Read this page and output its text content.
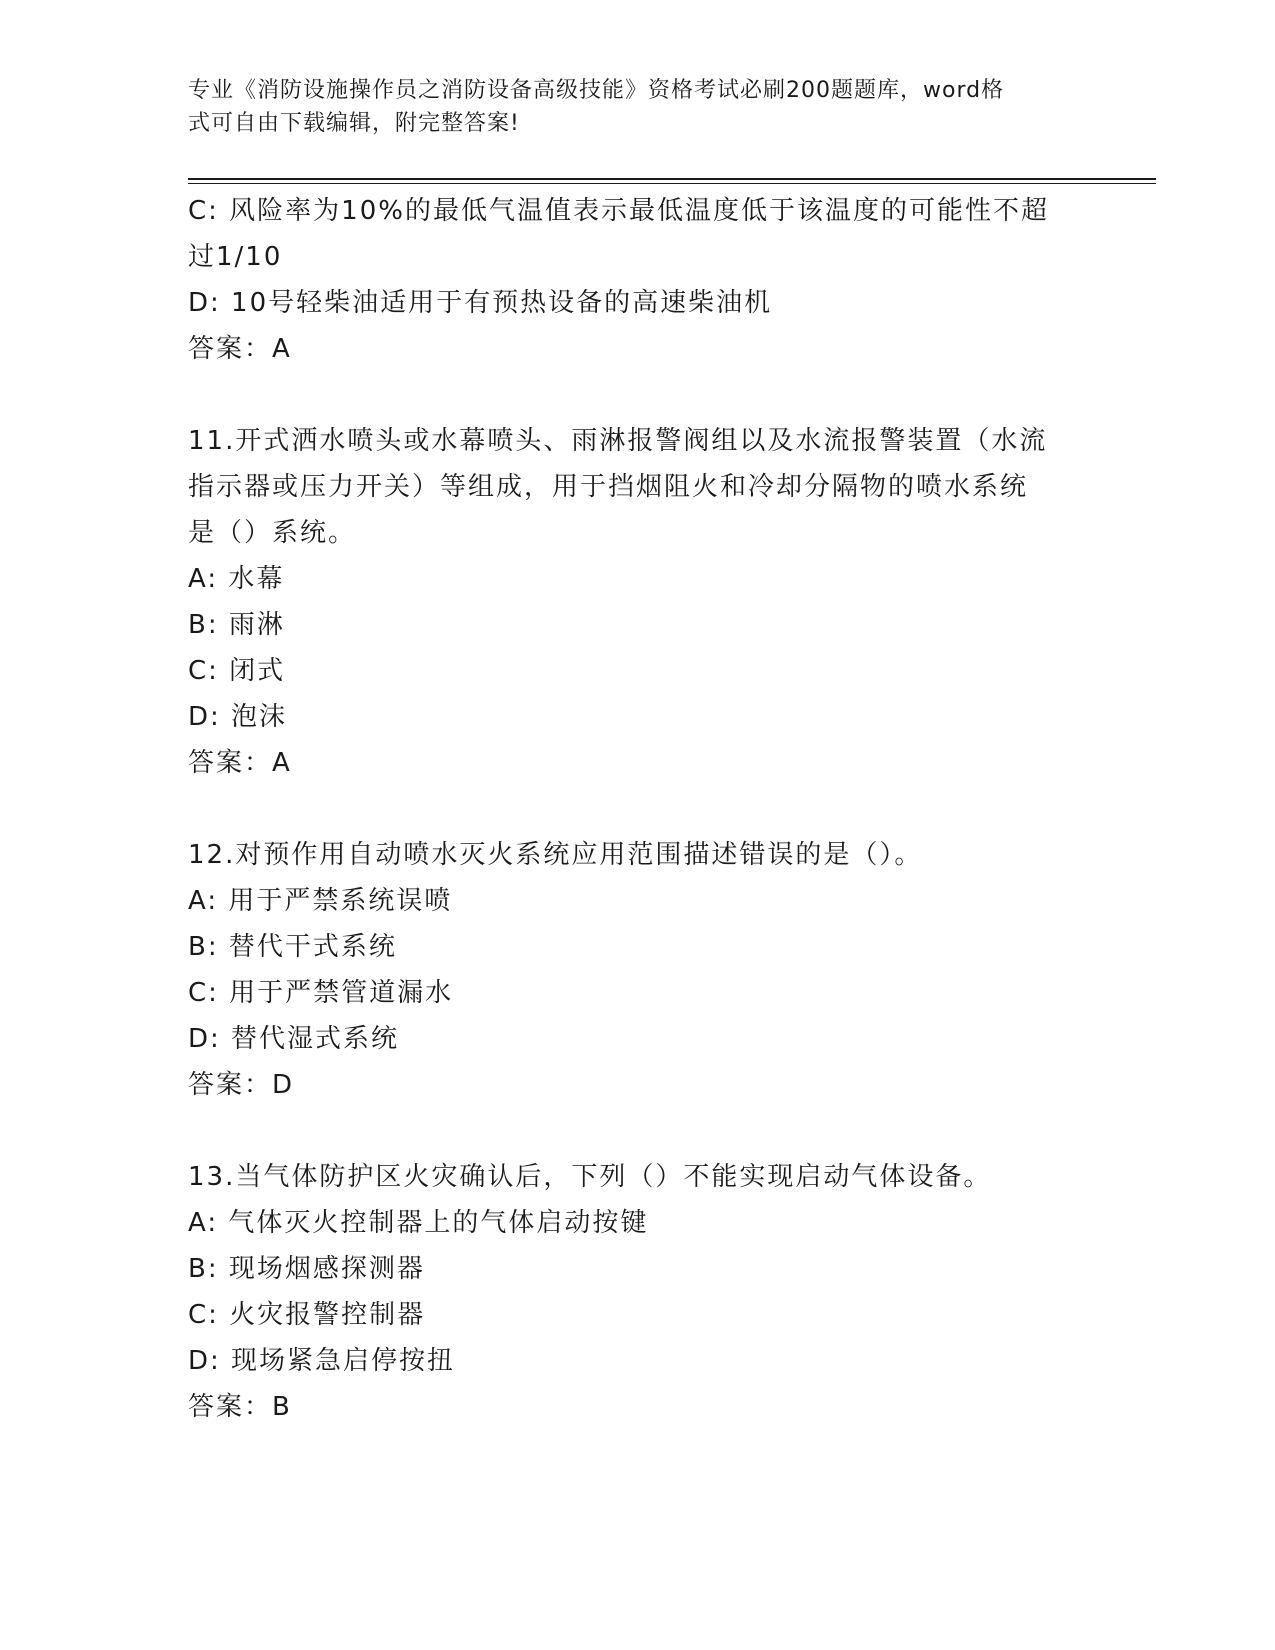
专业《消防设施操作员之消防设备高级技能》资格考试必刷200题题库，word格
式可自由下载编辑，附完整答案!
C: 风险率为10%的最低气温值表示最低温度低于该温度的可能性不超
过1/10
D: 10号轻柴油适用于有预热设备的高速柴油机
答案：A
11.开式洒水喷头或水幕喷头、雨淋报警阀组以及水流报警装置（水流
指示器或压力开关）等组成，用于挡烟阻火和冷却分隔物的喷水系统
是（）系统。
A: 水幕
B: 雨淋
C: 闭式
D: 泡沫
答案：A
12.对预作用自动喷水灭火系统应用范围描述错误的是（）。
A: 用于严禁系统误喷
B: 替代干式系统
C: 用于严禁管道漏水
D: 替代湿式系统
答案：D
13.当气体防护区火灾确认后，下列（）不能实现启动气体设备。
A: 气体灭火控制器上的气体启动按键
B: 现场烟感探测器
C: 火灾报警控制器
D: 现场紧急启停按扭
答案：B
